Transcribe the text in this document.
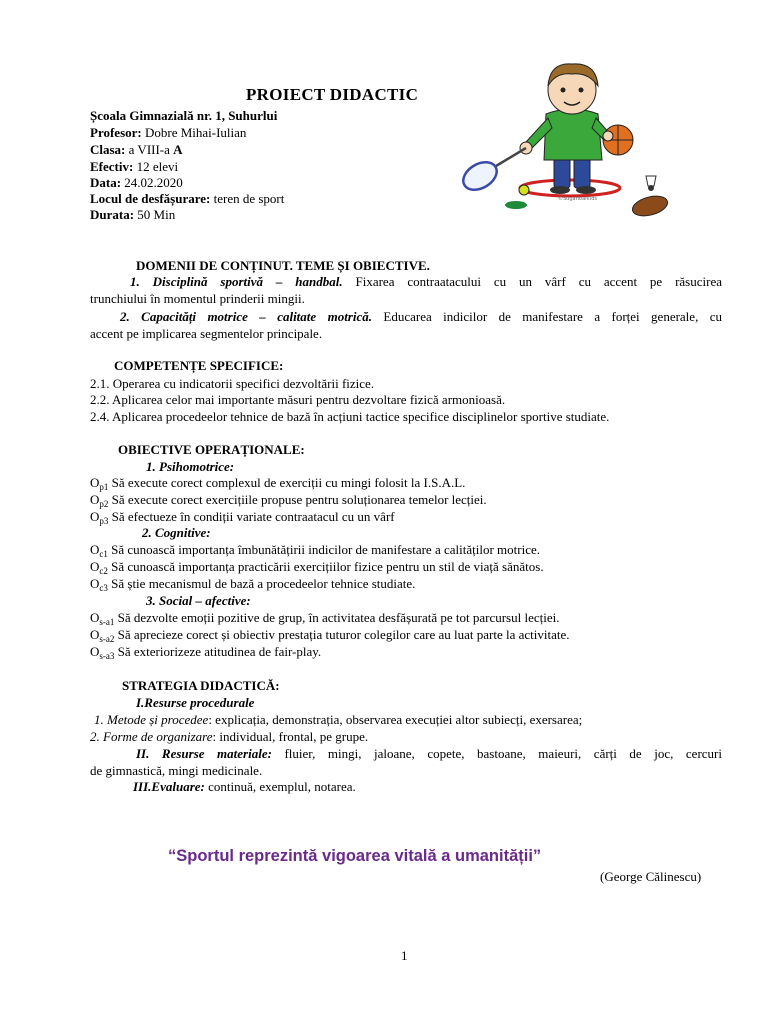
PROIECT DIDACTIC
Școala Gimnazială nr. 1, Suhurlui
Profesor: Dobre Mihai-Iulian
Clasa: a VIII-a A
Efectiv: 12 elevi
Data: 24.02.2020
Locul de desfășurare: teren de sport
Durata: 50 Min
©Sugarloafkids
DOMENII DE CONȚINUT. TEME ȘI OBIECTIVE.
1. Disciplină sportivă – handbal. Fixarea contraatacului cu un vârf cu accent pe răsucirea
trunchiului în momentul prinderii mingii.
2. Capacități motrice – calitate motrică. Educarea indicilor de manifestare a forței generale, cu
accent pe implicarea segmentelor principale.
COMPETENȚE SPECIFICE:
2.1. Operarea cu indicatorii specifici dezvoltării fizice.
2.2. Aplicarea celor mai importante măsuri pentru dezvoltare fizică armonioasă.
2.4. Aplicarea procedeelor tehnice de bază în acțiuni tactice specifice disciplinelor sportive studiate.
OBIECTIVE OPERAȚIONALE:
1. Psihomotrice:
$O_{p1}$ Să execute corect complexul de exerciții cu mingi folosit la I.S.A.L.
$O_{p2}$ Să execute corect exercițiile propuse pentru soluționarea temelor lecției.
$O_{p3}$ Să efectueze în condiții variate contraatacul cu un vârf
2. Cognitive:
$O_{c1}$ Să cunoască importanța îmbunătățirii indicilor de manifestare a calităților motrice.
$O_{c2}$ Să cunoască importanța practicării exercițiilor fizice pentru un stil de viață sănătos.
$O_{c3}$ Să știe mecanismul de bază a procedeelor tehnice studiate.
3. Social – afective:
$O_{s-a1}$ Să dezvolte emoții pozitive de grup, în activitatea desfășurată pe tot parcursul lecției.
$O_{s-a2}$ Să aprecieze corect și obiectiv prestația tuturor colegilor care au luat parte la activitate.
$O_{s-a3}$ Să exteriorizeze atitudinea de fair-play.
STRATEGIA DIDACTICĂ:
I.Resurse procedurale
1. Metode și procedee: explicația, demonstrația, observarea execuției altor subiecți, exersarea;
2. Forme de organizare: individual, frontal, pe grupe.
II. Resurse materiale: fluier, mingi, jaloane, copete, bastoane, maieuri, cărți de joc, cercuri
de gimnastică, mingi medicinale.
III.Evaluare: continuă, exemplul, notarea.
“Sportul reprezintă vigoarea vitală a umanității”
(George Călinescu)
1
